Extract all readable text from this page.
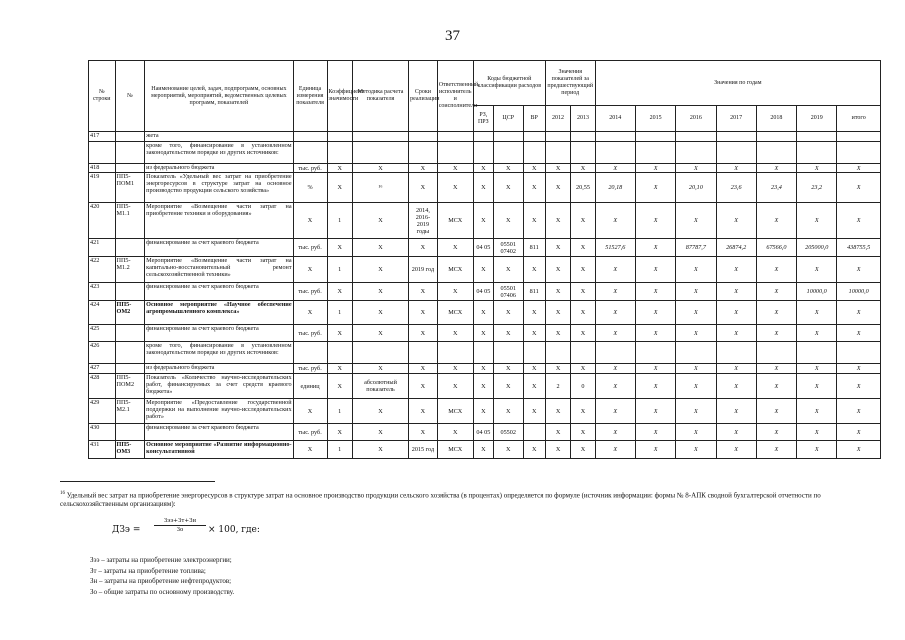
37
№ строки	№	Наименование целей, задач, подпрограмм, основных мероприятий, мероприятий, ведомственных целевых программ, показателей	Единица измерения показателя	Коэффициент значимости	Методика расчета показателя	Сроки реализации	Ответственный исполнитель и соисполнители	Коды бюджетной классификации расходов			Значения показателей за предшествующий период		Значения по годам						
								РЗ, ПРЗ	ЦСР	ВР	2012	2013	2014	2015	2016	2017	2018	2019	итого
417		жета																	
		кроме того, финансирование в установленном законодательством порядке из других источников:																	
418		из федерального бюджета	тыс. руб.	X	X	X	X	X	X	X	X	X	X	X	X	X	X	X	X
419	ПП5-ПОМ1	Показатель «Удельный вес затрат на приобретение энергоресурсов в структуре затрат на основное производство продукции сельского хозяйства»	%	X	¹⁶	X	X	X	X	X	X	20,55	20,18	X	20,10	23,6	23,4	23,2	X
420	ПП5-М1.1	Мероприятие «Возмещение части затрат на приобретение техники и оборудования»	X	1	X	2014, 2016-2019 годы	МСХ	X	X	X	X	X	X	X	X	X	X	X	X
421		финансирование за счет краевого бюджета	тыс. руб.	X	X	X	X	04 05	05501 07402	811	X	X	51527,6	X	87787,7	26874,2	67566,0	205000,0	438755,5
422	ПП5-М1.2	Мероприятие «Возмещение части затрат на капитально-восстановительный ремонт сельскохозяйственной техники»	X	1	X	2019 год	МСХ	X	X	X	X	X	X	X	X	X	X	X	X
423		финансирование за счет краевого бюджета	тыс. руб.	X	X	X	X	04 05	05501 07406	811	X	X	X	X	X	X	X	10000,0	10000,0
424	ПП5-ОМ2	Основное мероприятие «Научное обеспечение агропромышленного комплекса»	X	1	X	X	МСХ	X	X	X	X	X	X	X	X	X	X	X	X
425		финансирование за счет краевого бюджета	тыс. руб.	X	X	X	X	X	X	X	X	X	X	X	X	X	X	X	X
426		кроме того, финансирование в установленном законодательством порядке из других источников:																	
427		из федерального бюджета	тыс. руб.	X	X	X	X	X	X	X	X	X	X	X	X	X	X	X	X
428	ПП5-ПОМ2	Показатель «Количество научно-исследовательских работ, финансируемых за счет средств краевого бюджета»	единиц	X	абсолютный показатель	X	X	X	X	X	2	0	X	X	X	X	X	X	X
429	ПП5-М2.1	Мероприятие «Предоставление государственной поддержки на выполнение научно-исследовательских работ»	X	1	X	X	МСХ	X	X	X	X	X	X	X	X	X	X	X	X
430		финансирование за счет краевого бюджета	тыс. руб.	X	X	X	X	04 05	05502		X	X	X	X	X	X	X	X	X
431	ПП5-ОМ3	Основное мероприятие «Развитие информационно-консультативной	X	1	X	2015 год	МСХ	X	X	X	X	X	X	X	X	X	X	X	X
$^{16}$ Удельный вес затрат на приобретение энергоресурсов в структуре затрат на основное производство продукции сельского хозяйства (в процентах) определяется по формуле (источник информации: формы № 8-АПК сводной бухгалтерской отчетности по сельскохозяйственным организациям):
ДЗэ =
Зээ+Зт+Зн
Зо	× 100, где:
Зээ – затраты на приобретение электроэнергии;
Зт – затраты на приобретение топлива;
Зн – затраты на приобретение нефтепродуктов;
Зо – общие затраты по основному производству.
